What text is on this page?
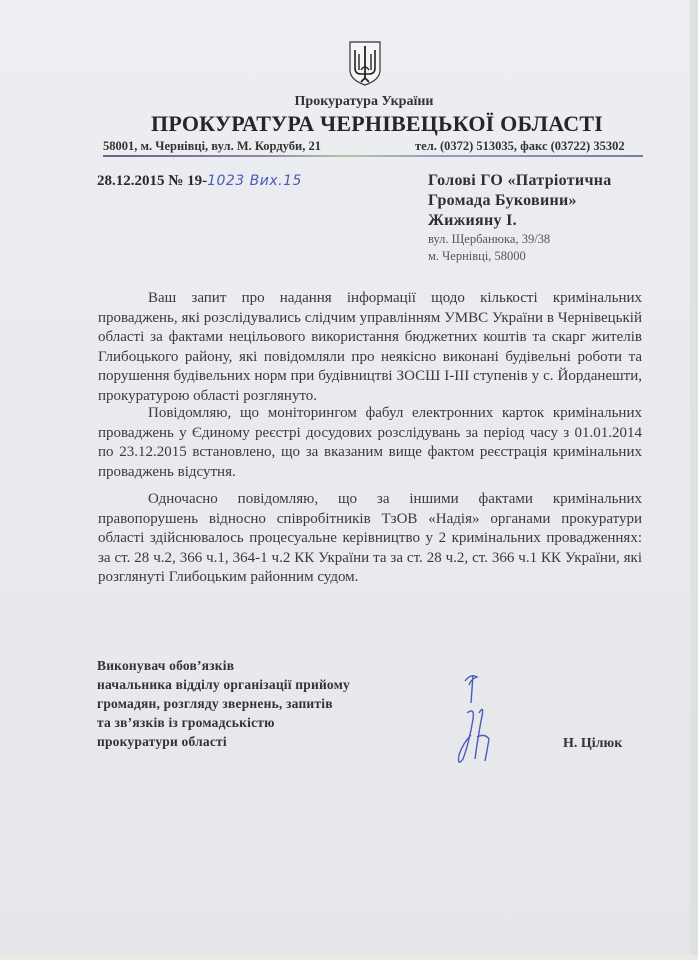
Прокуратура України
ПРОКУРАТУРА ЧЕРНІВЕЦЬКОЇ ОБЛАСТІ
58001, м. Чернівці, вул. М. Кордуби, 21	тел. (0372) 513035, факс (03722) 35302
28.12.2015 № 19-1023 Вих.15	Голові ГО «Патріотична
Громада Буковини»
Жижияну І.
вул. Щербанюка, 39/38
м. Чернівці, 58000

Ваш запит про надання інформації щодо кількості кримінальних проваджень, які розслідувались слідчим управлінням УМВС України в Чернівецькій області за фактами нецільового використання бюджетних коштів та скарг жителів Глибоцького району, які повідомляли про неякісно виконані будівельні роботи та порушення будівельних норм при будівництві ЗОСШ І-ІІІ ступенів у с. Йорданешти, прокуратурою області розглянуто.

Повідомляю, що моніторингом фабул електронних карток кримінальних проваджень у Єдиному реєстрі досудових розслідувань за період часу з 01.01.2014 по 23.12.2015 встановлено, що за вказаним вище фактом реєстрація кримінальних проваджень відсутня.

Одночасно повідомляю, що за іншими фактами кримінальних правопорушень відносно співробітників ТзОВ «Надія» органами прокуратури області здійснювалось процесуальне керівництво у 2 кримінальних провадженнях: за ст. 28 ч.2, 366 ч.1, 364-1 ч.2 КК України та за ст. 28 ч.2, ст. 366 ч.1 КК України, які розглянуті Глибоцьким районним судом.

Виконувач обов’язків
начальника відділу організації прийому
громадян, розгляду звернень, запитів
та зв’язків із громадськістю
прокуратури області	Н. Цілюк
